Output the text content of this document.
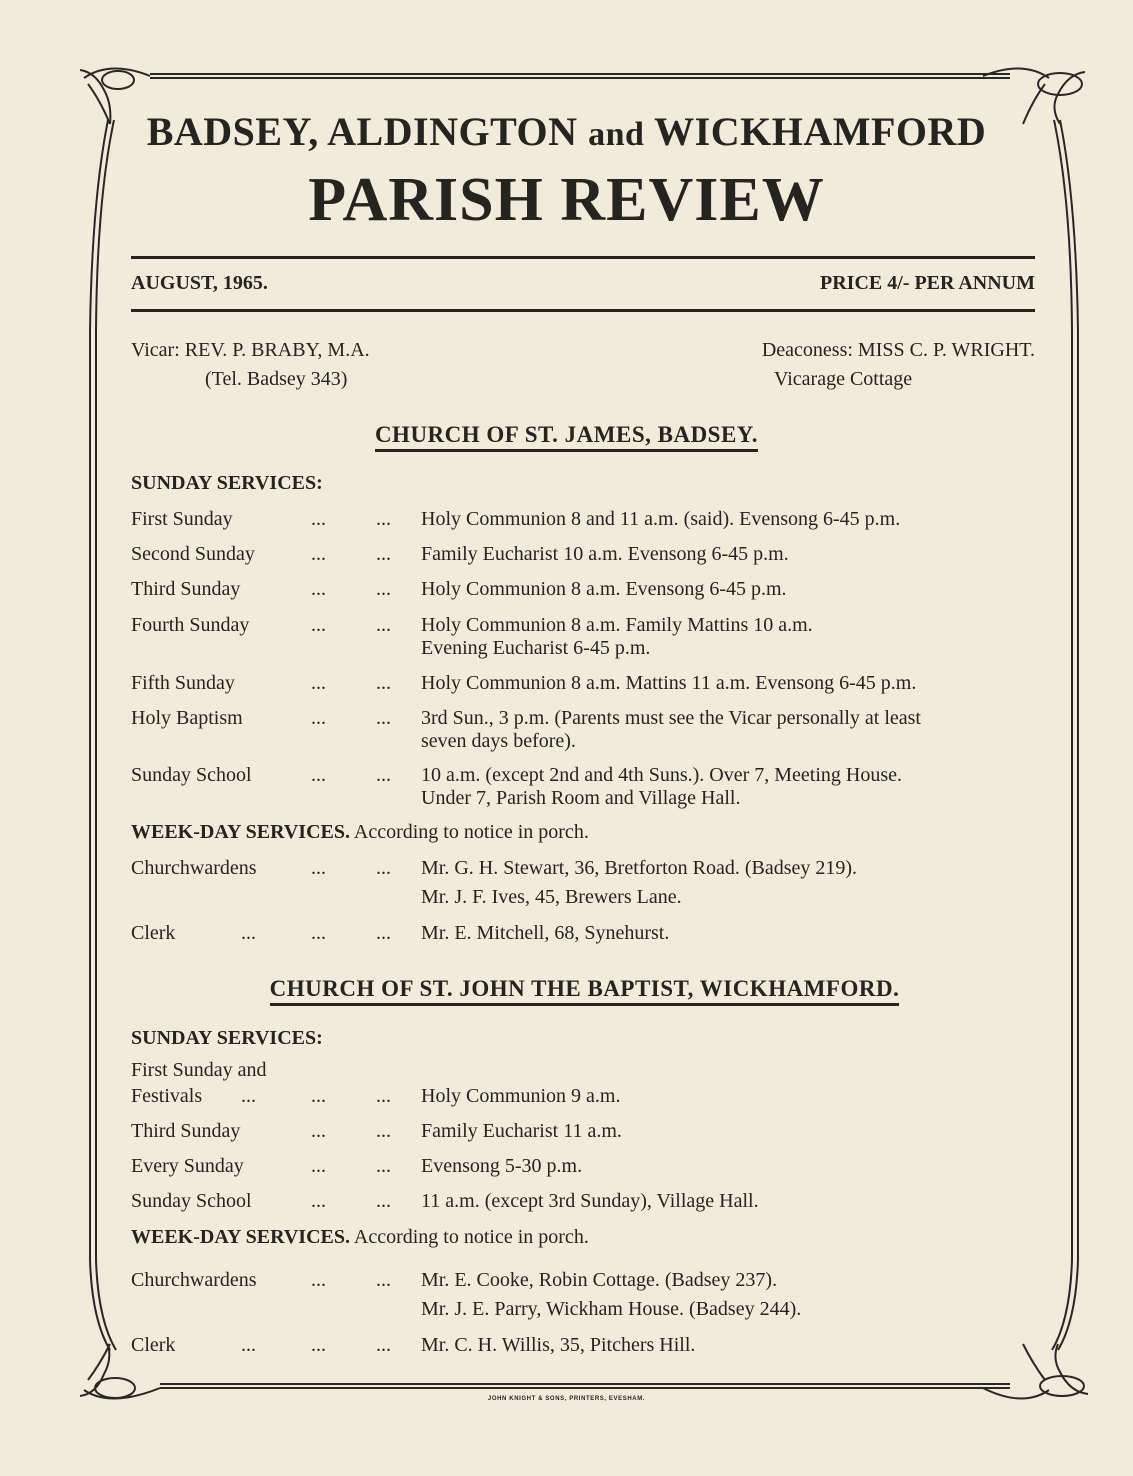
BADSEY, ALDINGTON and WICKHAMFORD
PARISH REVIEW
AUGUST, 1965.	PRICE 4/- PER ANNUM
Vicar: REV. P. BRABY, M.A.
(Tel. Badsey 343)
Deaconess: MISS C. P. WRIGHT.
Vicarage Cottage
CHURCH OF ST. JAMES, BADSEY.
SUNDAY SERVICES:
First Sunday	...	... Holy Communion 8 and 11 a.m. (said). Evensong 6-45 p.m.
Second Sunday	...	... Family Eucharist 10 a.m. Evensong 6-45 p.m.
Third Sunday	...	... Holy Communion 8 a.m. Evensong 6-45 p.m.
Fourth Sunday	...	... Holy Communion 8 a.m. Family Mattins 10 a.m.
Evening Eucharist 6-45 p.m.
Fifth Sunday	...	... Holy Communion 8 a.m. Mattins 11 a.m. Evensong 6-45 p.m.
Holy Baptism	...	... 3rd Sun., 3 p.m. (Parents must see the Vicar personally at least
seven days before).
Sunday School	...	... 10 a.m. (except 2nd and 4th Suns.). Over 7, Meeting House.
Under 7, Parish Room and Village Hall.
WEEK-DAY SERVICES. According to notice in porch.
Churchwardens	...	... Mr. G. H. Stewart, 36, Bretforton Road. (Badsey 219).
Mr. J. F. Ives, 45, Brewers Lane.
Clerk	...	...	... Mr. E. Mitchell, 68, Synehurst.
CHURCH OF ST. JOHN THE BAPTIST, WICKHAMFORD.
SUNDAY SERVICES:
First Sunday and
Festivals ...	...	... Holy Communion 9 a.m.
Third Sunday	...	... Family Eucharist 11 a.m.
Every Sunday	...	... Evensong 5-30 p.m.
Sunday School	...	... 11 a.m. (except 3rd Sunday), Village Hall.
WEEK-DAY SERVICES. According to notice in porch.
Churchwardens	...	... Mr. E. Cooke, Robin Cottage. (Badsey 237).
Mr. J. E. Parry, Wickham House. (Badsey 244).
Clerk	...	...	... Mr. C. H. Willis, 35, Pitchers Hill.
JOHN KNIGHT & SONS, PRINTERS, EVESHAM.
